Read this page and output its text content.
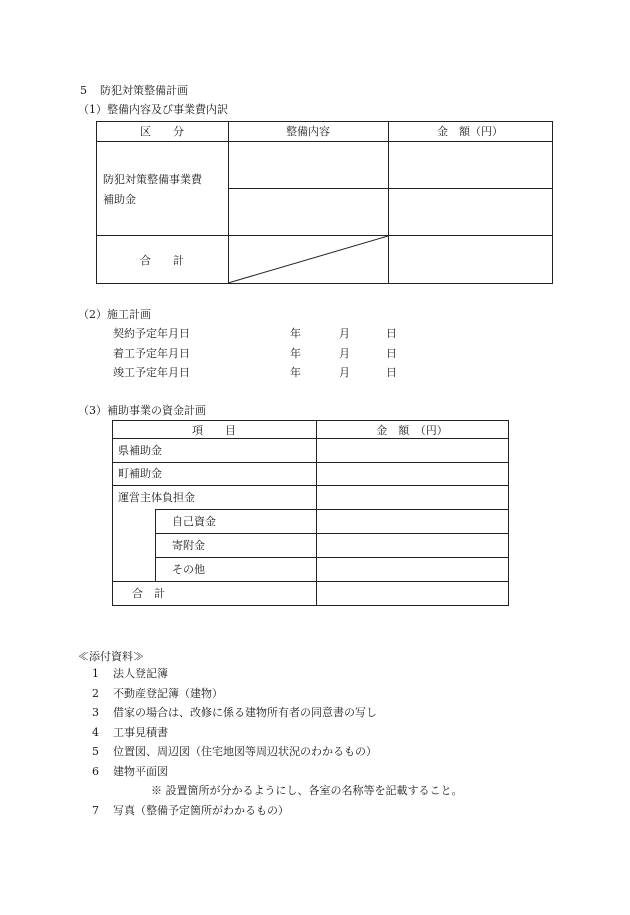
5 防犯対策整備計画
（1）整備内容及び事業費内訳
区　　分	整備内容	金　額（円）
防犯対策整備事業費
補助金
合　　計
（2）施工計画
契約予定年月日	年	月	日
着工予定年月日	年	月	日
竣工予定年月日	年	月	日
（3）補助事業の資金計画
項　　目	金　額　（円）
県補助金
町補助金
運営主体負担金
自己資金
寄附金
その他
合　計
≪添付資料≫
1 法人登記簿
2 不動産登記簿（建物）
3 借家の場合は、改修に係る建物所有者の同意書の写し
4 工事見積書
5 位置図、周辺図（住宅地図等周辺状況のわかるもの）
6 建物平面図
※ 設置箇所が分かるようにし、各室の名称等を記載すること。
7 写真（整備予定箇所がわかるもの）
